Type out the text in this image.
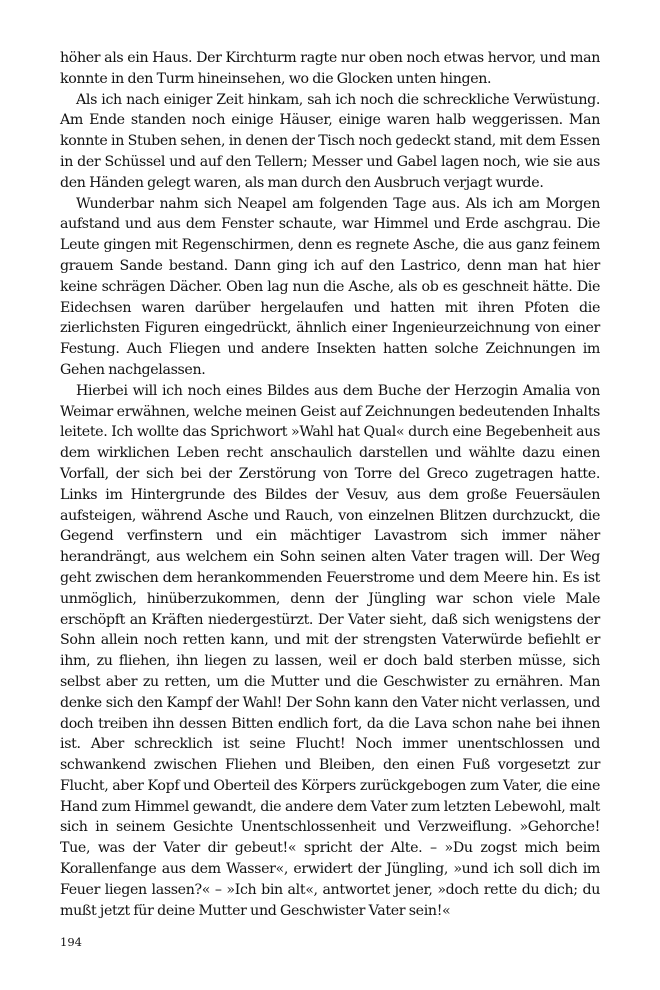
höher als ein Haus. Der Kirchturm ragte nur oben noch etwas hervor, und man konnte in den Turm hineinsehen, wo die Glocken unten hingen.

Als ich nach einiger Zeit hinkam, sah ich noch die schreckliche Verwüstung. Am Ende standen noch einige Häuser, einige waren halb weggerissen. Man konnte in Stuben sehen, in denen der Tisch noch gedeckt stand, mit dem Essen in der Schüssel und auf den Tellern; Messer und Gabel lagen noch, wie sie aus den Händen gelegt waren, als man durch den Ausbruch verjagt wurde.

Wunderbar nahm sich Neapel am folgenden Tage aus. Als ich am Morgen aufstand und aus dem Fenster schaute, war Himmel und Erde aschgrau. Die Leute gingen mit Regenschirmen, denn es regnete Asche, die aus ganz feinem grauem Sande bestand. Dann ging ich auf den Lastrico, denn man hat hier keine schrägen Dächer. Oben lag nun die Asche, als ob es geschneit hätte. Die Eidechsen waren darüber hergelaufen und hatten mit ihren Pfoten die zierlichsten Figuren eingedrückt, ähnlich einer Ingenieurzeichnung von einer Festung. Auch Fliegen und andere Insekten hatten solche Zeichnungen im Gehen nachgelassen.

Hierbei will ich noch eines Bildes aus dem Buche der Herzogin Amalia von Weimar erwähnen, welche meinen Geist auf Zeichnungen bedeutenden Inhalts leitete. Ich wollte das Sprichwort »Wahl hat Qual« durch eine Begebenheit aus dem wirklichen Leben recht anschaulich darstellen und wählte dazu einen Vorfall, der sich bei der Zerstörung von Torre del Greco zugetragen hatte. Links im Hintergrunde des Bildes der Vesuv, aus dem große Feuersäulen aufsteigen, während Asche und Rauch, von einzelnen Blitzen durchzuckt, die Gegend verfinstern und ein mächtiger Lavastrom sich immer näher herandrängt, aus welchem ein Sohn seinen alten Vater tragen will. Der Weg geht zwischen dem herankommenden Feuerstrome und dem Meere hin. Es ist unmöglich, hinüberzukommen, denn der Jüngling war schon viele Male erschöpft an Kräften niedergestürzt. Der Vater sieht, daß sich wenigstens der Sohn allein noch retten kann, und mit der strengsten Vaterwürde befiehlt er ihm, zu fliehen, ihn liegen zu lassen, weil er doch bald sterben müsse, sich selbst aber zu retten, um die Mutter und die Geschwister zu ernähren. Man denke sich den Kampf der Wahl! Der Sohn kann den Vater nicht verlassen, und doch treiben ihn dessen Bitten endlich fort, da die Lava schon nahe bei ihnen ist. Aber schrecklich ist seine Flucht! Noch immer unentschlossen und schwankend zwischen Fliehen und Bleiben, den einen Fuß vorgesetzt zur Flucht, aber Kopf und Oberteil des Körpers zurückgebogen zum Vater, die eine Hand zum Himmel gewandt, die andere dem Vater zum letzten Lebewohl, malt sich in seinem Gesichte Unentschlossenheit und Verzweiflung. »Gehorche! Tue, was der Vater dir gebeut!« spricht der Alte. – »Du zogst mich beim Korallenfange aus dem Wasser«, erwidert der Jüngling, »und ich soll dich im Feuer liegen lassen?« – »Ich bin alt«, antwortet jener, »doch rette du dich; du mußt jetzt für deine Mutter und Geschwister Vater sein!«

194
